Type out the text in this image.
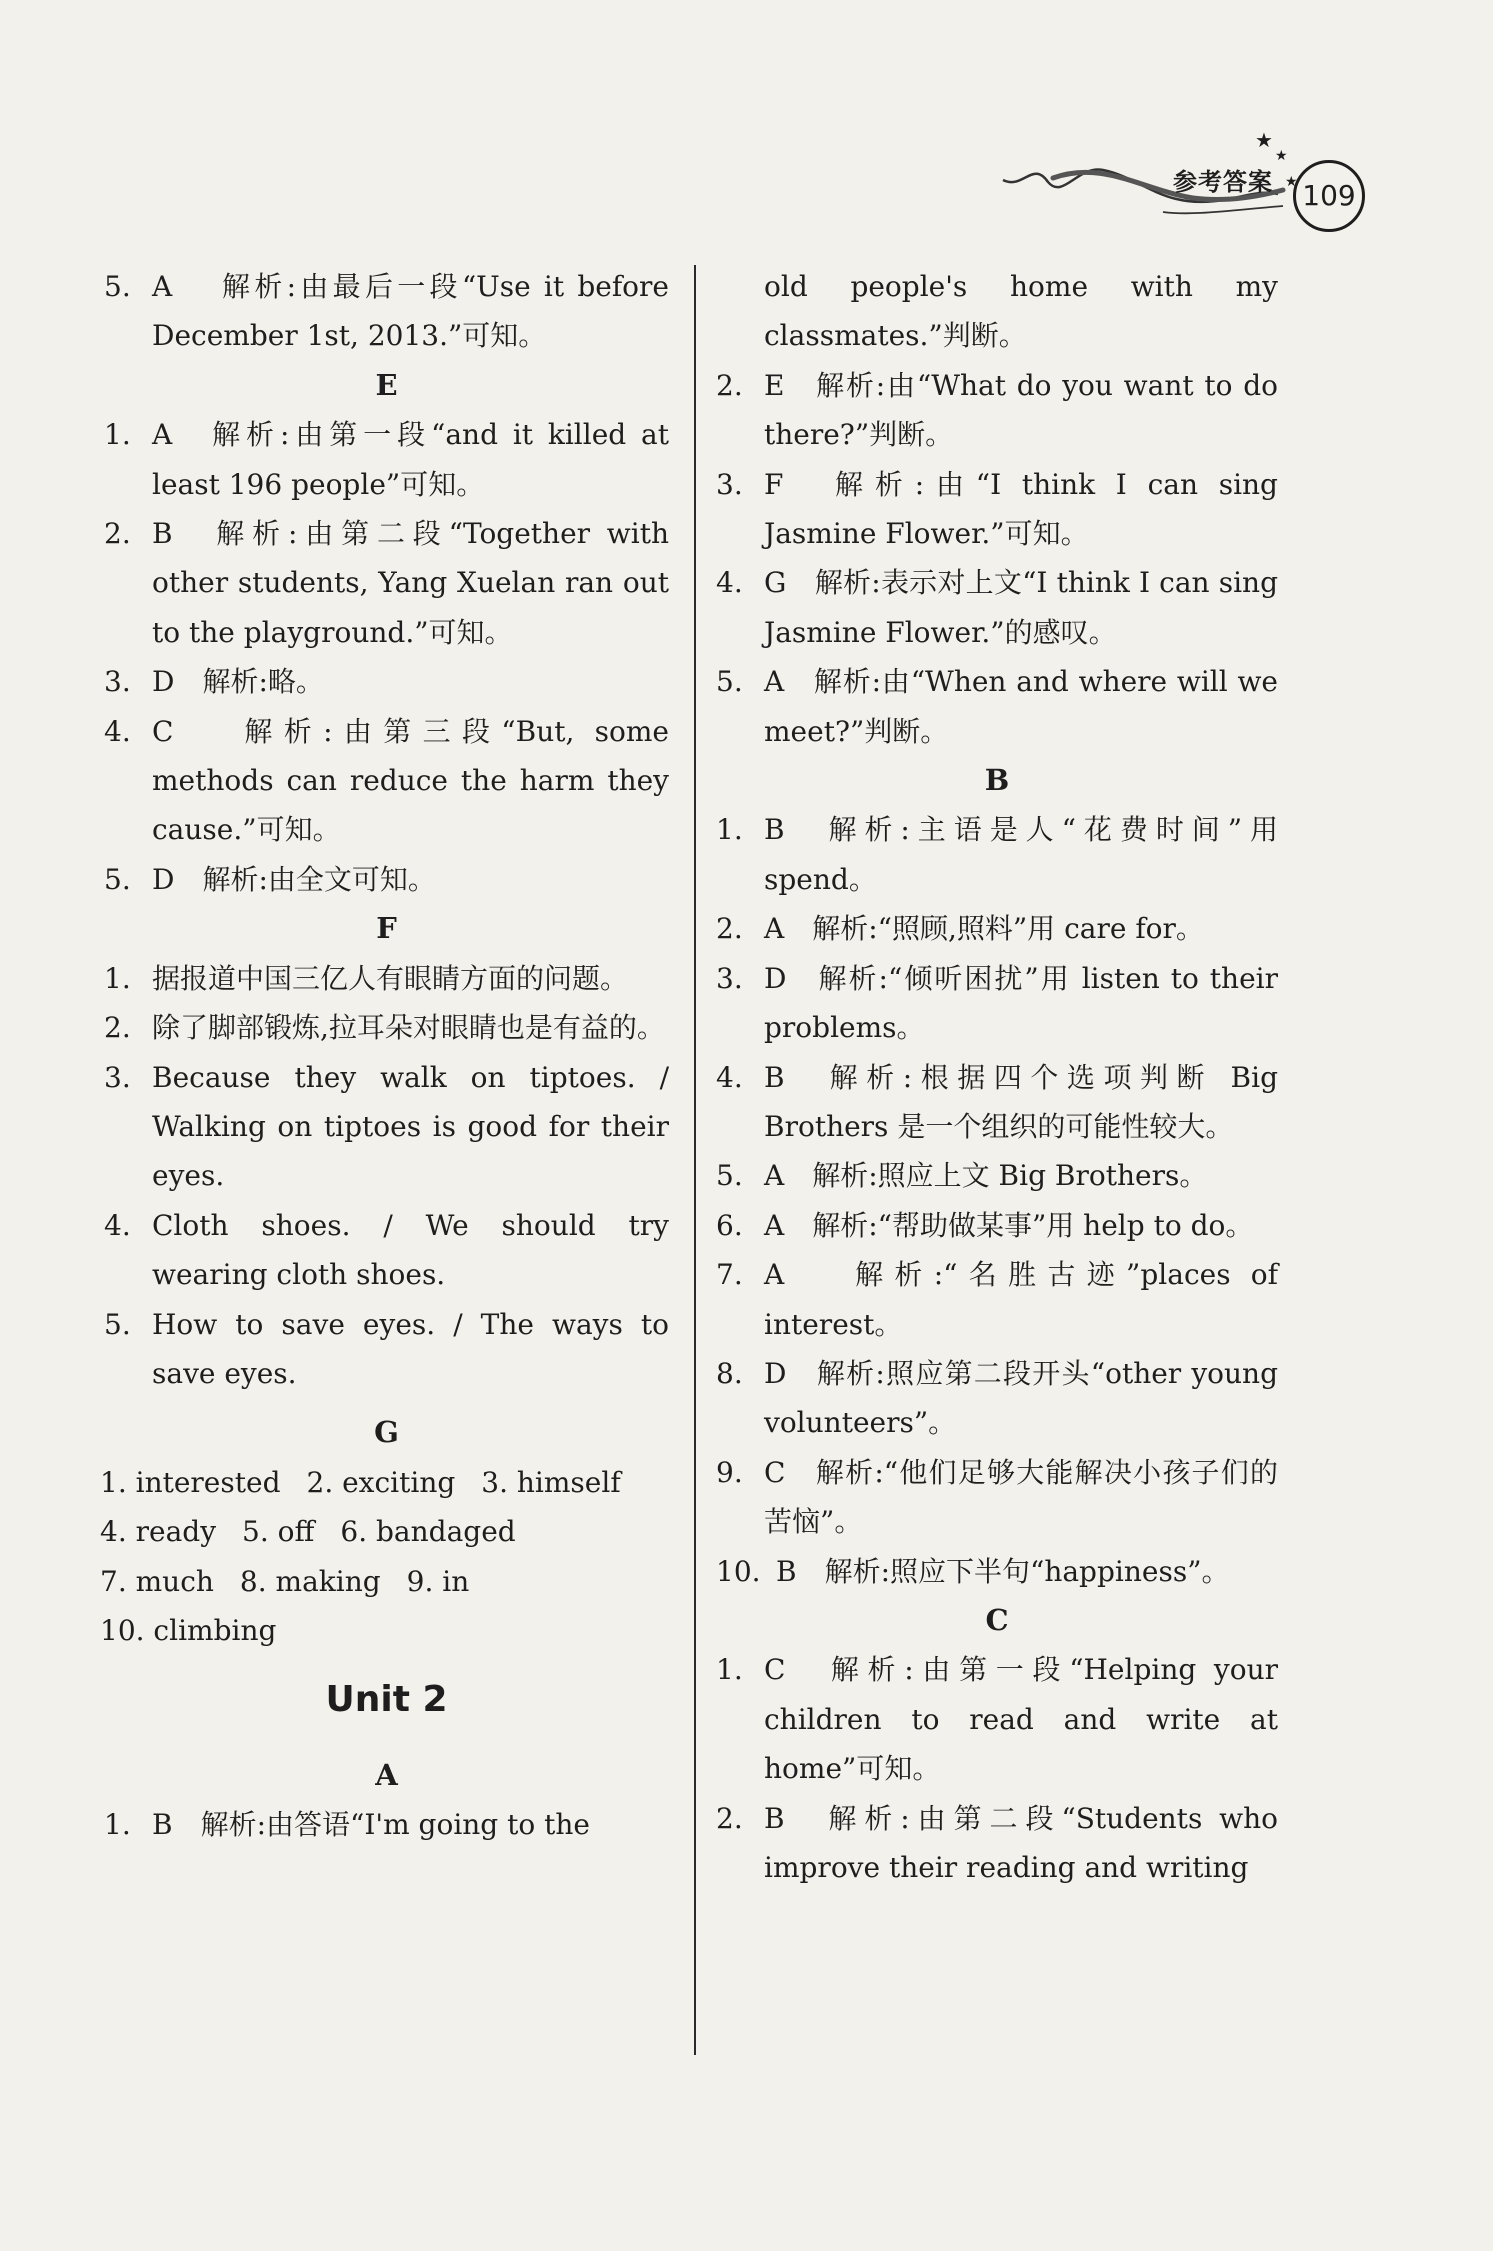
★
★
★
参考答案	109
5. A　 解析:由最后一段“Use it before December 1st, 2013.”可知。
E
1. A　解析:由第一段“and it killed at least 196 people”可知。
2. B　解析:由第二段“Together with other students, Yang Xuelan ran out to the playground.”可知。
3. D　解析:略。
4. C　 解析:由第三段“But, some methods can reduce the harm they cause.”可知。
5. D　解析:由全文可知。
F
1. 据报道中国三亿人有眼睛方面的问题。
2. 除了脚部锻炼,拉耳朵对眼睛也是有益的。
3. Because they walk on tiptoes. / Walking on tiptoes is good for their eyes.
4. Cloth shoes. / We should try wearing cloth shoes.
5. How to save eyes. / The ways to save eyes.
G
1. interested 2. exciting 3. himself
4. ready 5. off 6. bandaged
7. much 8. making 9. in
10. climbing
Unit 2
A
1. B　解析:由答语“I'm going to the
old people's home with my classmates.”判断。
2. E　解析:由“What do you want to do there?”判断。
3. F　解析:由“I think I can sing Jasmine Flower.”可知。
4. G　解析:表示对上文“I think I can sing Jasmine Flower.”的感叹。
5. A　解析:由“When and where will we meet?”判断。
B
1. B　解析:主语是人“花费时间”用 spend。
2. A　解析:“照顾,照料”用 care for。
3. D　解析:“倾听困扰”用 listen to their problems。
4. B　解析:根据四个选项判断 Big Brothers 是一个组织的可能性较大。
5. A　解析:照应上文 Big Brothers。
6. A　解析:“帮助做某事”用 help to do。
7. A　 解析:“名胜古迹”places of interest。
8. D　解析:照应第二段开头“other young volunteers”。
9. C　解析:“他们足够大能解决小孩子们的苦恼”。
10. B　解析:照应下半句“happiness”。
C
1. C　解析:由第一段“Helping your children to read and write at home”可知。
2. B　解析:由第二段“Students who improve their reading and writing
